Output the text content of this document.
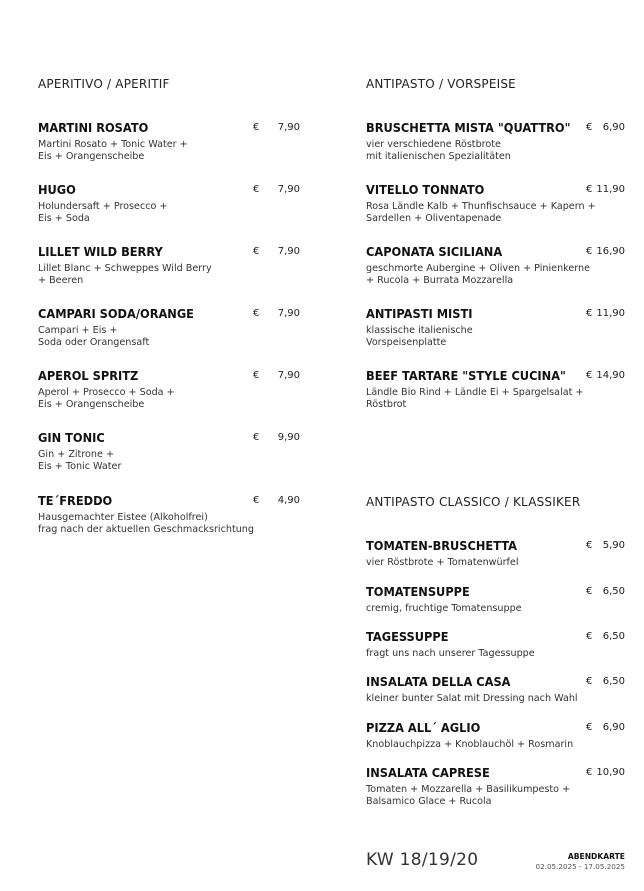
APERITIVO / APERITIF
MARTINI ROSATO
Martini Rosato + Tonic Water +
Eis + Orangenscheibe
€ 7,90
HUGO
Holundersaft + Prosecco +
Eis + Soda
€ 7,90
LILLET WILD BERRY
Lillet Blanc + Schweppes Wild Berry
+ Beeren
€ 7,90
CAMPARI SODA/ORANGE
Campari + Eis +
Soda oder Orangensaft
€ 7,90
APEROL SPRITZ
Aperol + Prosecco + Soda +
Eis + Orangenscheibe
€ 7,90
GIN TONIC
Gin + Zitrone +
Eis + Tonic Water
€ 9,90
TE´FREDDO
Hausgemachter Eistee (Alkoholfrei)
frag nach der aktuellen Geschmacksrichtung
€ 4,90
ANTIPASTO / VORSPEISE
BRUSCHETTA MISTA "QUATTRO"
vier verschiedene Röstbrote
mit italienischen Spezialitäten
€ 6,90
VITELLO TONNATO
Rosa Ländle Kalb + Thunfischsauce + Kapern +
Sardellen + Oliventapenade
€ 11,90
CAPONATA SICILIANA
geschmorte Aubergine + Oliven + Pinienkerne
+ Rucola + Burrata Mozzarella
€ 16,90
ANTIPASTI MISTI
klassische italienische
Vorspeisenplatte
€ 11,90
BEEF TARTARE "STYLE CUCINA"
Ländle Bio Rind + Ländle Ei + Spargelsalat +
Röstbrot
€ 14,90
ANTIPASTO CLASSICO / KLASSIKER
TOMATEN-BRUSCHETTA
vier Röstbrote + Tomatenwürfel
€ 5,90
TOMATENSUPPE
cremig, fruchtige Tomatensuppe
€ 6,50
TAGESSUPPE
fragt uns nach unserer Tagessuppe
€ 6,50
INSALATA DELLA CASA
kleiner bunter Salat mit Dressing nach Wahl
€ 6,50
PIZZA ALL´ AGLIO
Knoblauchpizza + Knoblauchöl + Rosmarin
€ 6,90
INSALATA CAPRESE
Tomaten + Mozzarella + Basilikumpesto +
Balsamico Glace + Rucola
€ 10,90
KW 18/19/20	ABENDKARTE
02.05.2025 - 17.05.2025
